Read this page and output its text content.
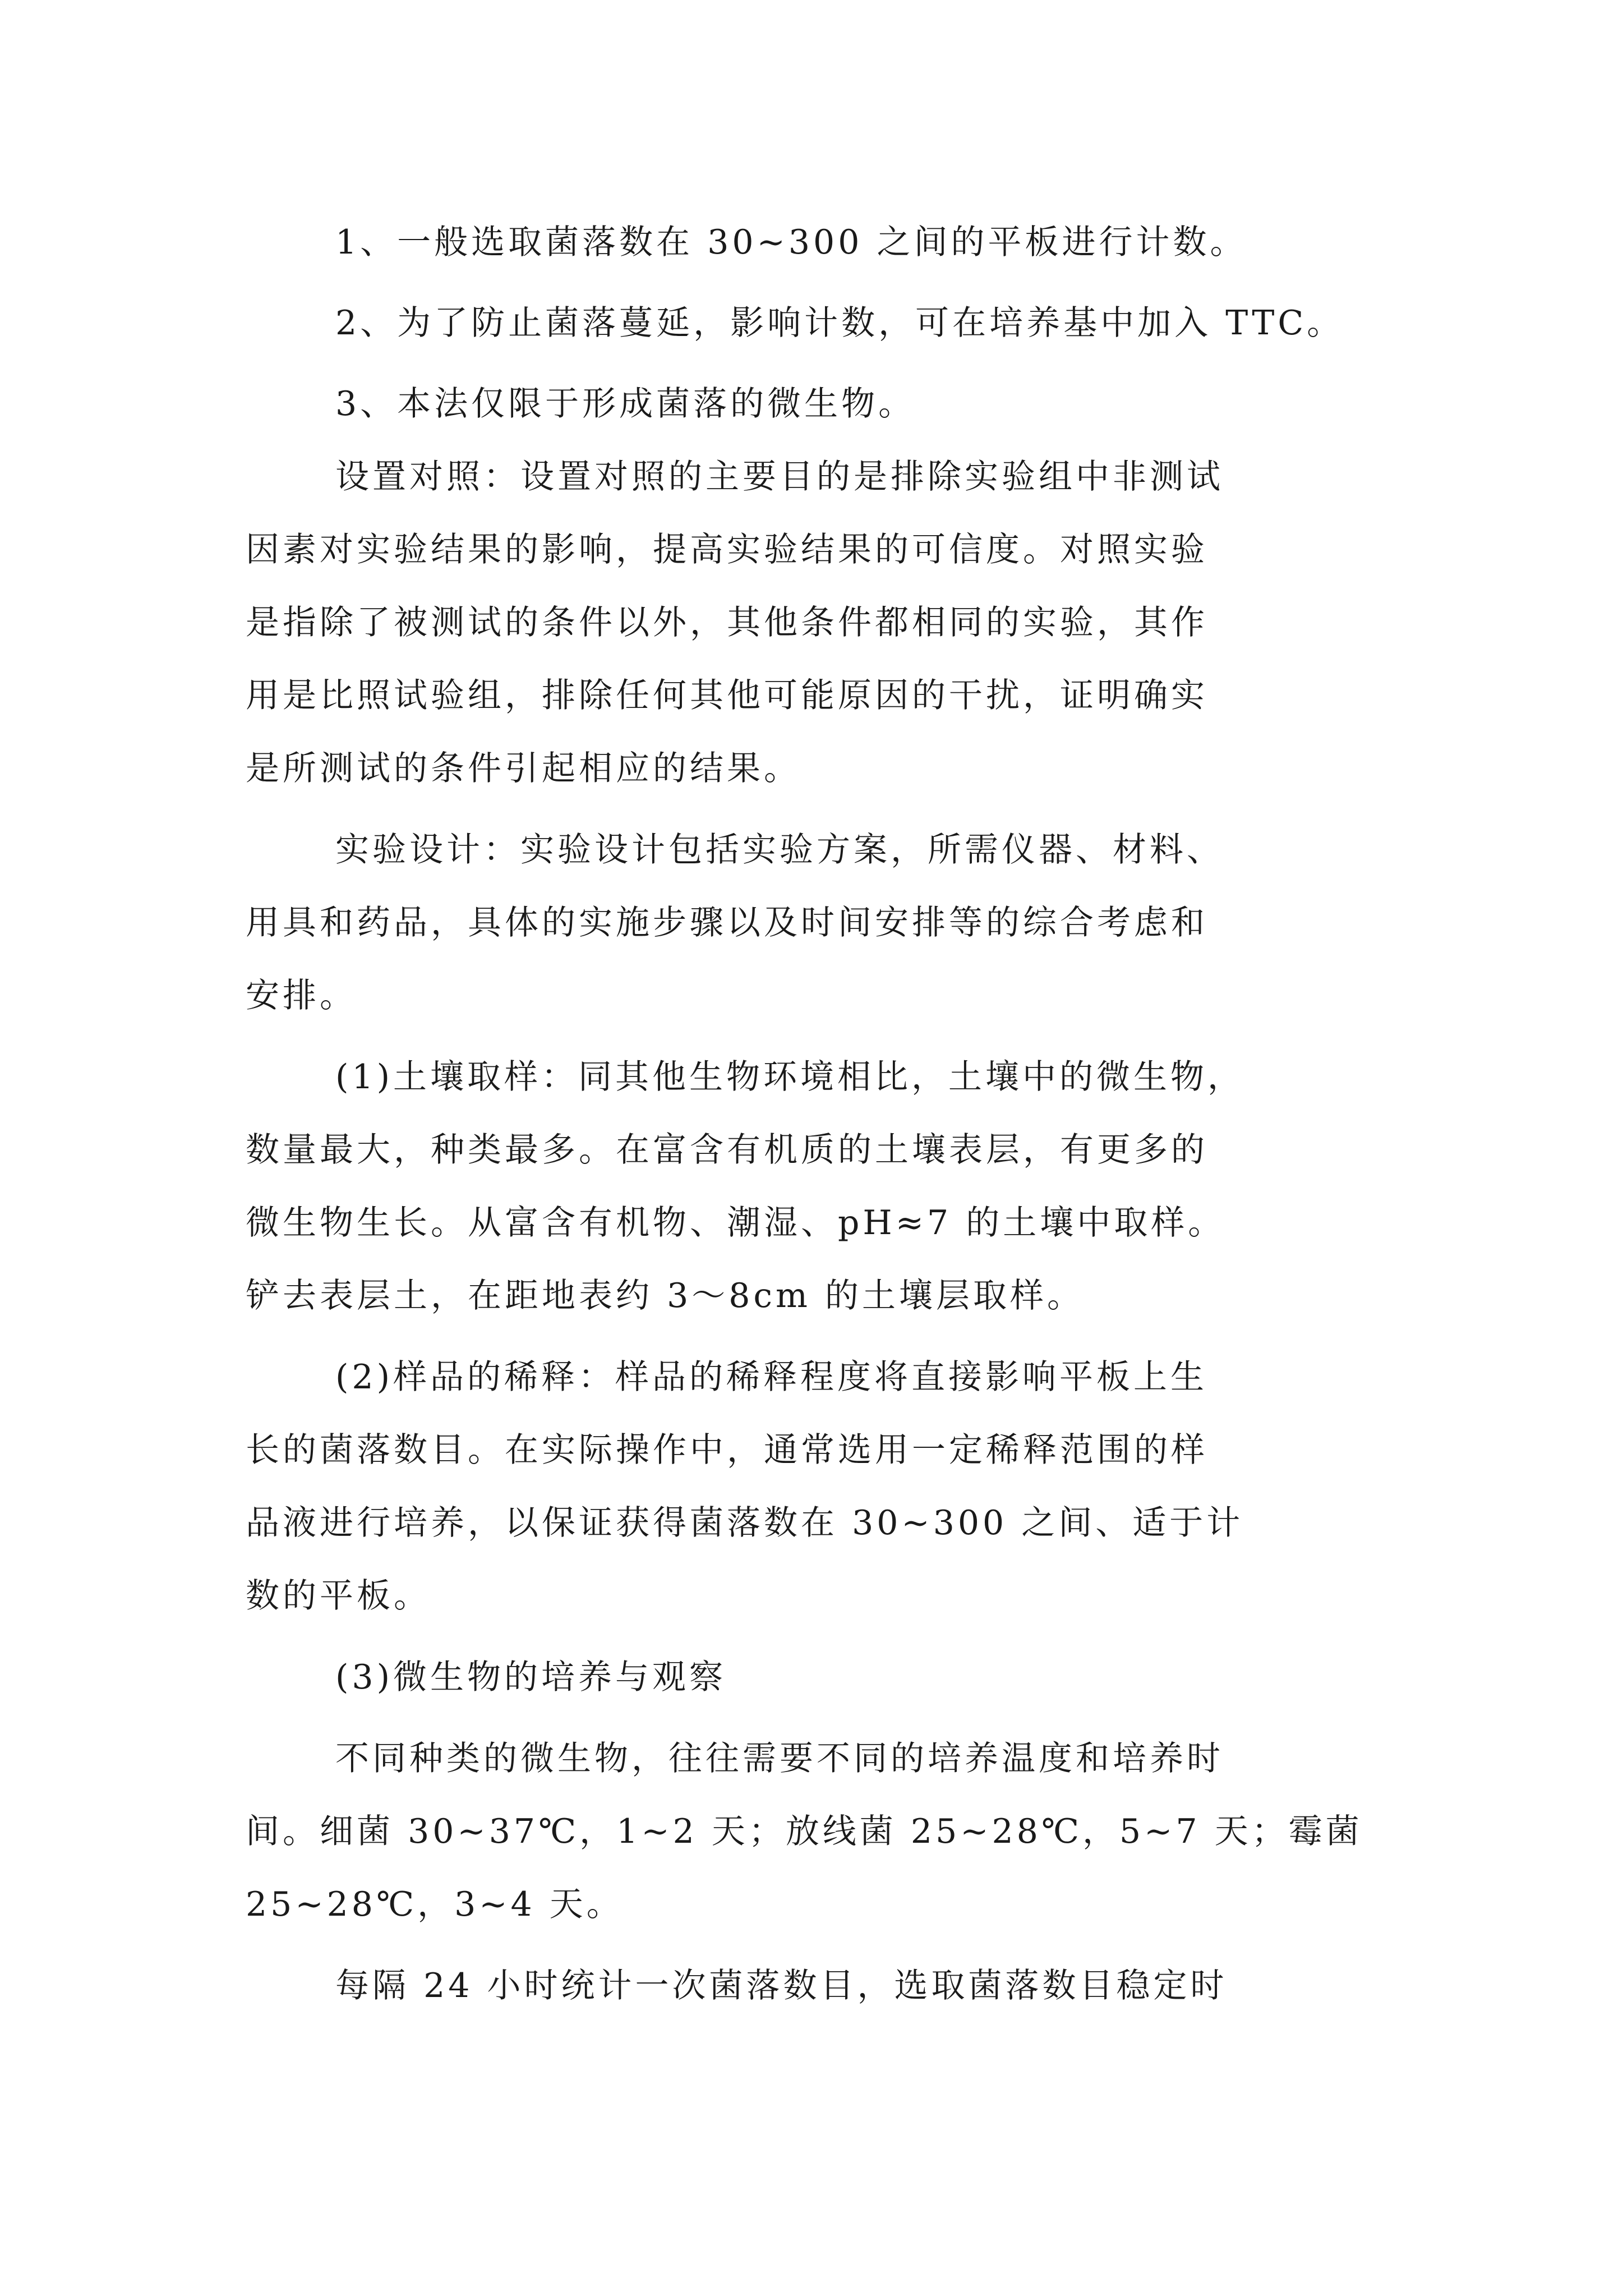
1、一般选取菌落数在 30~300 之间的平板进行计数。
2、为了防止菌落蔓延，影响计数，可在培养基中加入 TTC。
3、本法仅限于形成菌落的微生物。
设置对照：设置对照的主要目的是排除实验组中非测试
因素对实验结果的影响，提高实验结果的可信度。对照实验
是指除了被测试的条件以外，其他条件都相同的实验，其作
用是比照试验组，排除任何其他可能原因的干扰，证明确实
是所测试的条件引起相应的结果。
实验设计：实验设计包括实验方案，所需仪器、材料、
用具和药品，具体的实施步骤以及时间安排等的综合考虑和
安排。
(1)土壤取样：同其他生物环境相比，土壤中的微生物，
数量最大，种类最多。在富含有机质的土壤表层，有更多的
微生物生长。从富含有机物、潮湿、pH≈7 的土壤中取样。
铲去表层土，在距地表约 3～8cm 的土壤层取样。
(2)样品的稀释：样品的稀释程度将直接影响平板上生
长的菌落数目。在实际操作中，通常选用一定稀释范围的样
品液进行培养，以保证获得菌落数在 30~300 之间、适于计
数的平板。
(3)微生物的培养与观察
不同种类的微生物，往往需要不同的培养温度和培养时
间。细菌 30~37℃，1~2 天；放线菌 25~28℃，5~7 天；霉菌
25~28℃，3~4 天。
每隔 24 小时统计一次菌落数目，选取菌落数目稳定时
